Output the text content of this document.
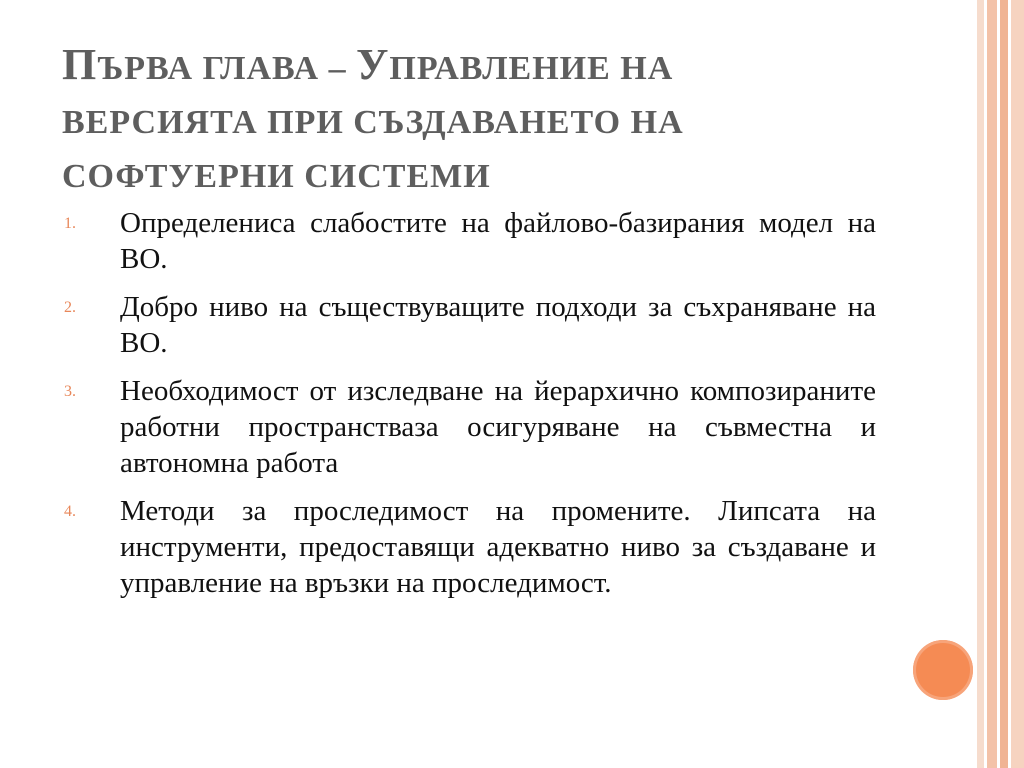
ПЪРВА ГЛАВА – УПРАВЛЕНИЕ НА ВЕРСИЯТА ПРИ СЪЗДАВАНЕТО НА СОФТУЕРНИ СИСТЕМИ
1. Определениса слабостите на файлово-базирания модел на ВО.
2. Добро ниво на съществуващите подходи за съхраняване на ВО.
3. Необходимост от изследване на йерархично композираните работни пространстваза осигуряване на съвместна и автономна работа
4. Методи за проследимост на промените. Липсата на инструменти, предоставящи адекватно ниво за създаване и управление на връзки на проследимост.
